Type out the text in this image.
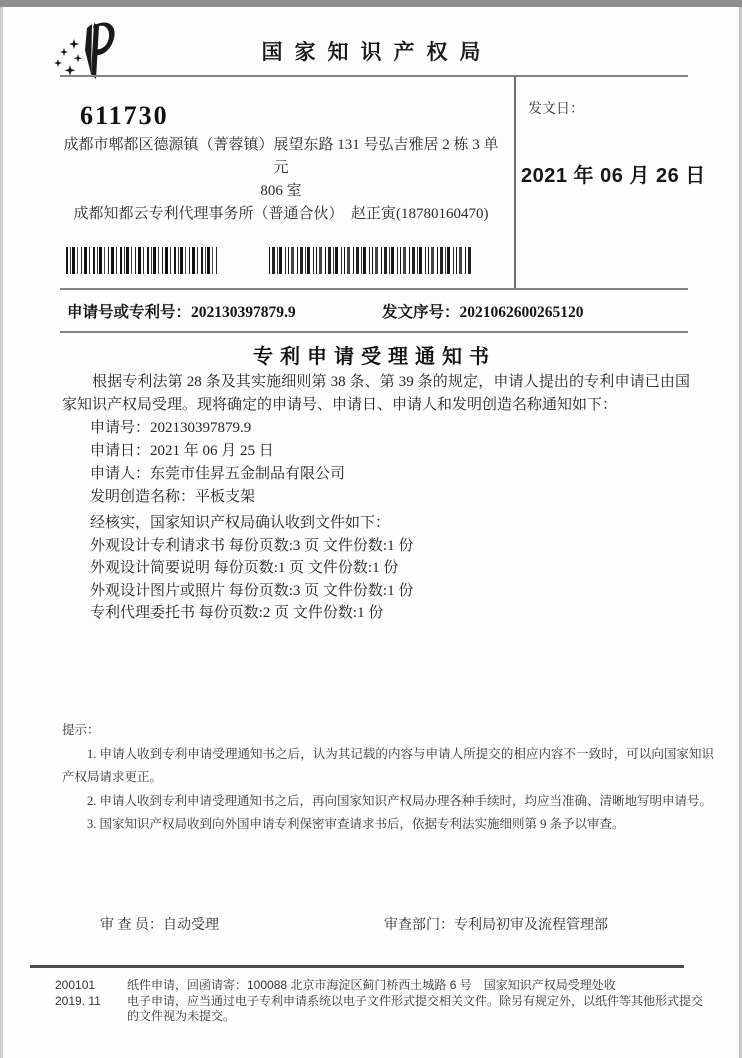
国家知识产权局
611730
成都市郫都区德源镇（菁蓉镇）展望东路 131 号弘吉雅居 2 栋 3 单元
806 室
成都知都云专利代理事务所（普通合伙）　赵正寅(18780160470)
发文日：
2021 年 06 月 26 日
申请号或专利号：202130397879.9	发文序号：2021062600265120
专利申请受理通知书
根据专利法第 28 条及其实施细则第 38 条、第 39 条的规定，申请人提出的专利申请已由国家知识产权局受理。现将确定的申请号、申请日、申请人和发明创造名称通知如下：
申请号：202130397879.9
申请日：2021 年 06 月 25 日
申请人：东莞市佳昇五金制品有限公司
发明创造名称：平板支架
经核实，国家知识产权局确认收到文件如下：
外观设计专利请求书 每份页数:3 页 文件份数:1 份
外观设计简要说明 每份页数:1 页 文件份数:1 份
外观设计图片或照片 每份页数:3 页 文件份数:1 份
专利代理委托书 每份页数:2 页 文件份数:1 份

提示：

1. 申请人收到专利申请受理通知书之后，认为其记载的内容与申请人所提交的相应内容不一致时，可以向国家知识产权局请求更正。

2. 申请人收到专利申请受理通知书之后，再向国家知识产权局办理各种手续时，均应当准确、清晰地写明申请号。

3. 国家知识产权局收到向外国申请专利保密审查请求书后，依据专利法实施细则第 9 条予以审查。

审 查 员：自动受理	审查部门：专利局初审及流程管理部
200101	纸件申请，回函请寄：100088 北京市海淀区蓟门桥西土城路 6 号　国家知识产权局受理处收
2019. 11	电子申请，应当通过电子专利申请系统以电子文件形式提交相关文件。除另有规定外，以纸件等其他形式提交的文件视为未提交。
